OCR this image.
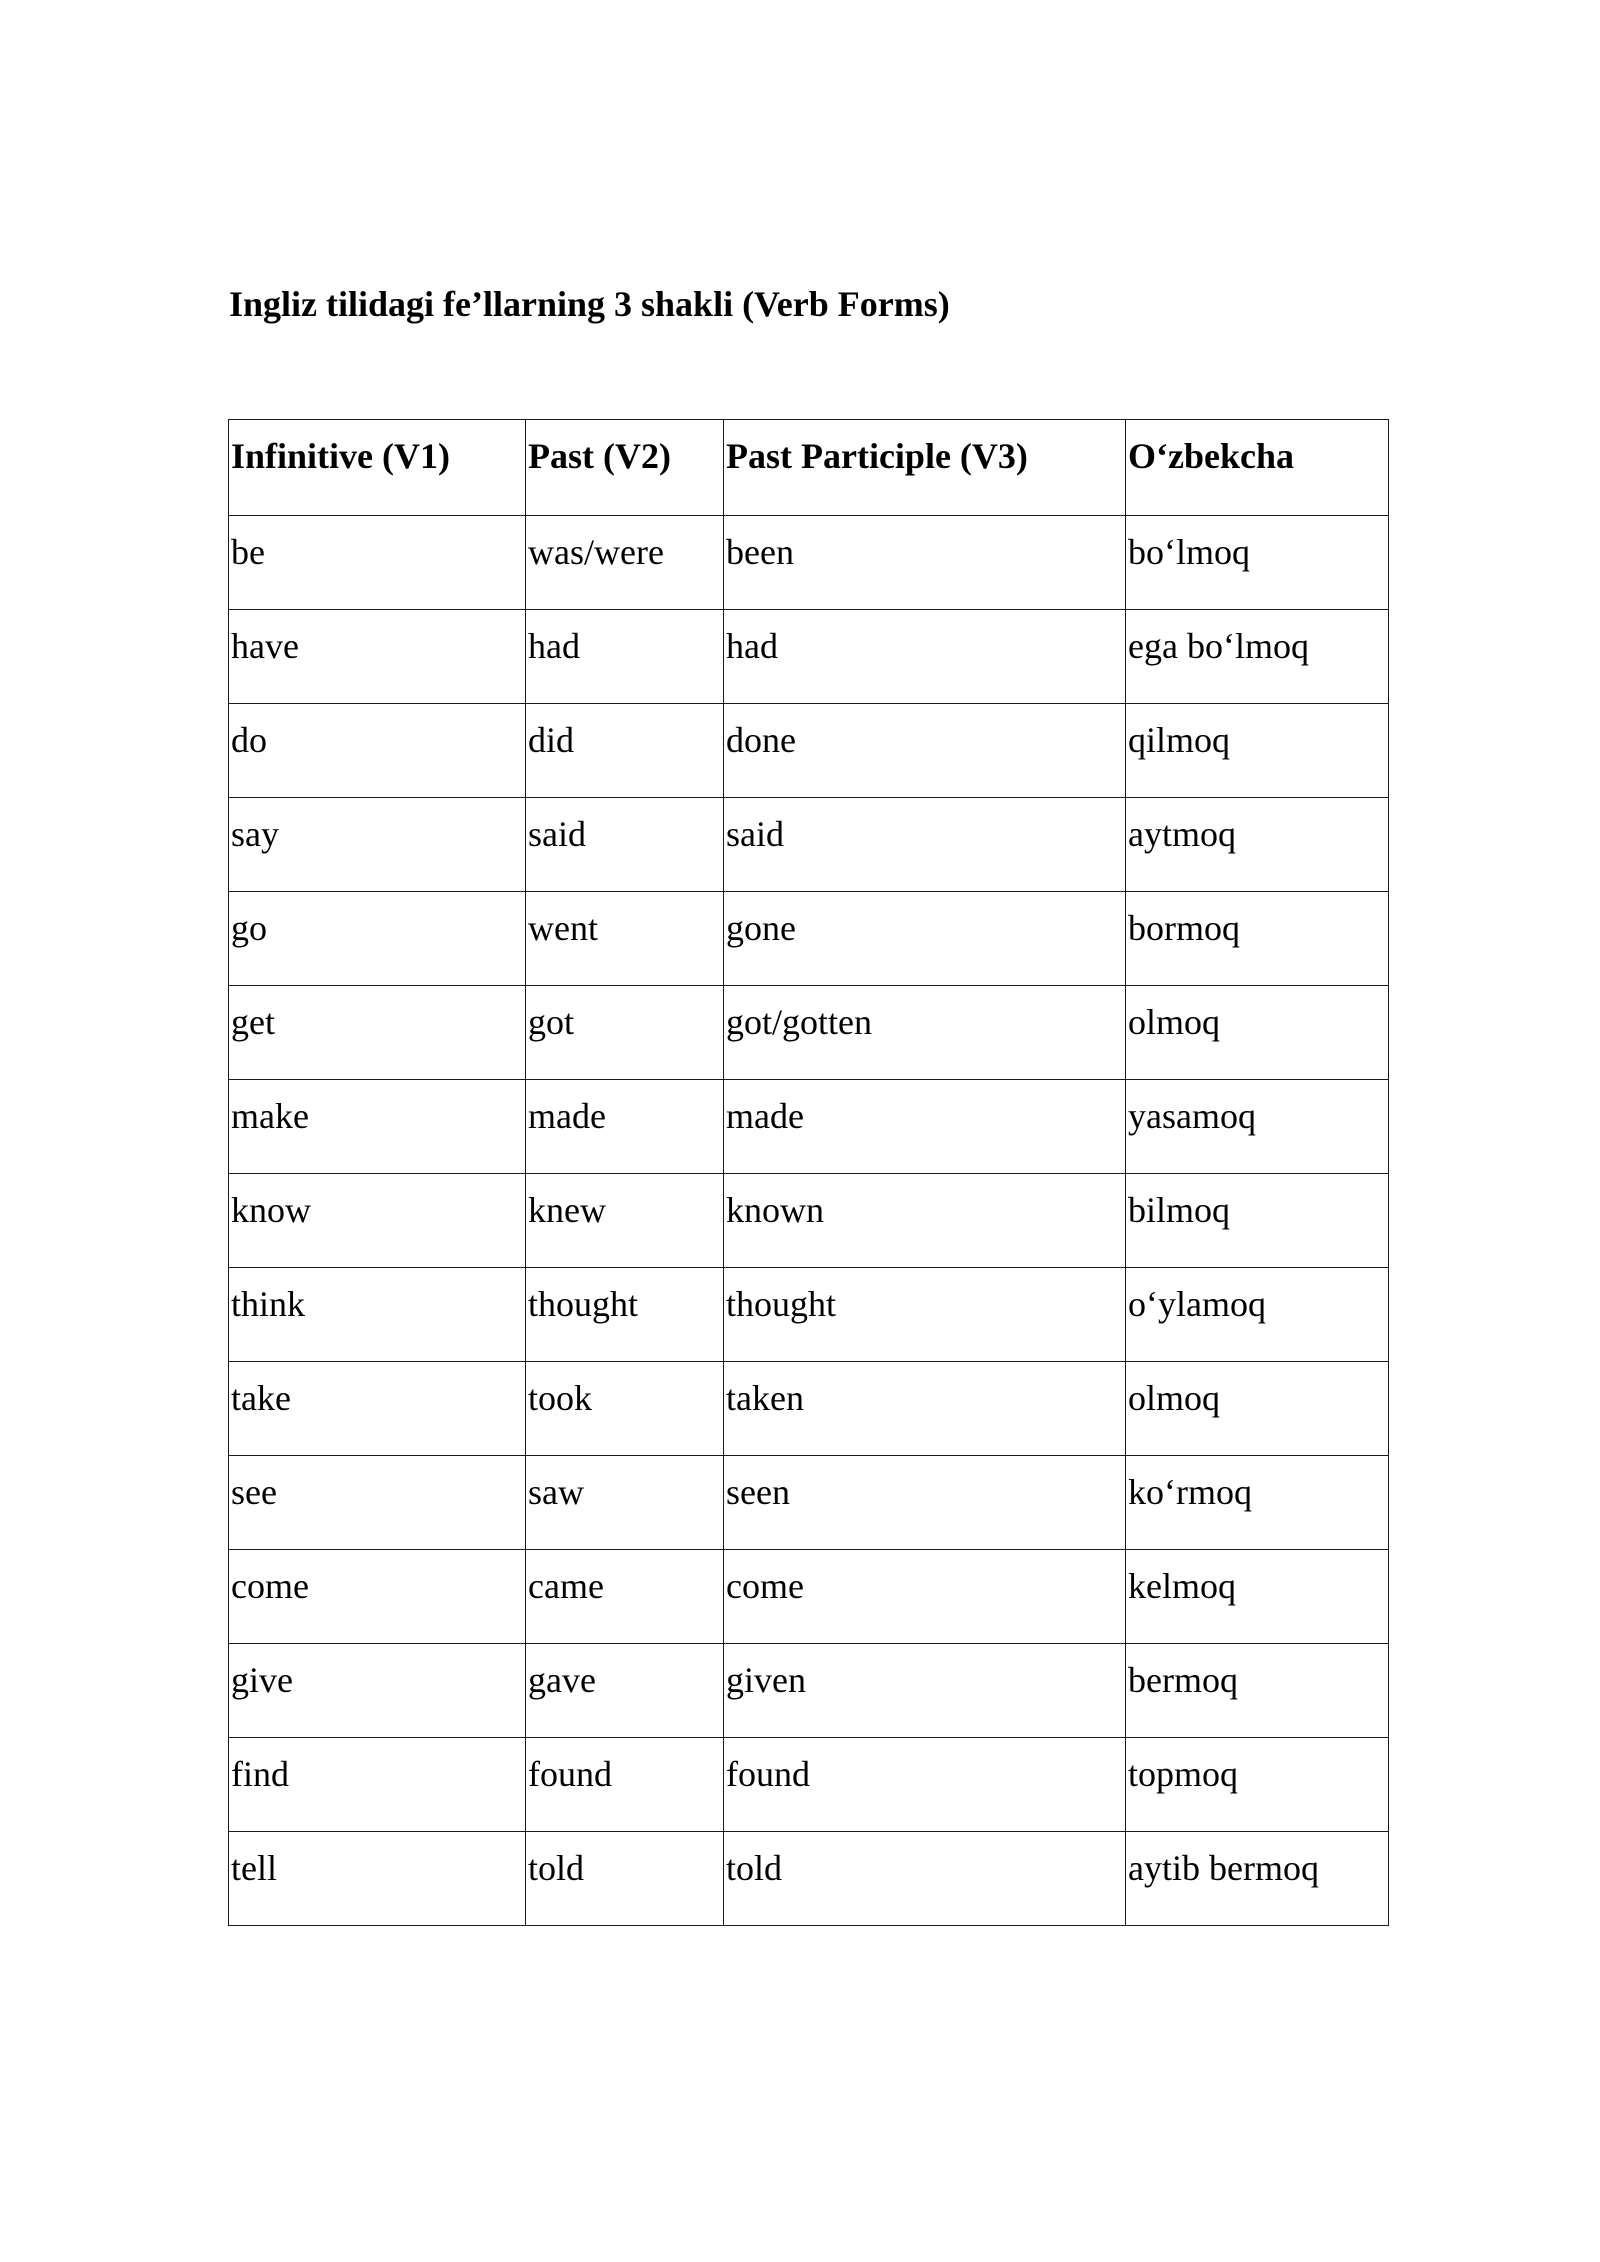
Ingliz tilidagi fe’llarning 3 shakli (Verb Forms)
Infinitive (V1)	Past (V2)	Past Participle (V3)	O‘zbekcha
be	was/were	been	bo‘lmoq
have	had	had	ega bo‘lmoq
do	did	done	qilmoq
say	said	said	aytmoq
go	went	gone	bormoq
get	got	got/gotten	olmoq
make	made	made	yasamoq
know	knew	known	bilmoq
think	thought	thought	o‘ylamoq
take	took	taken	olmoq
see	saw	seen	ko‘rmoq
come	came	come	kelmoq
give	gave	given	bermoq
find	found	found	topmoq
tell	told	told	aytib bermoq
